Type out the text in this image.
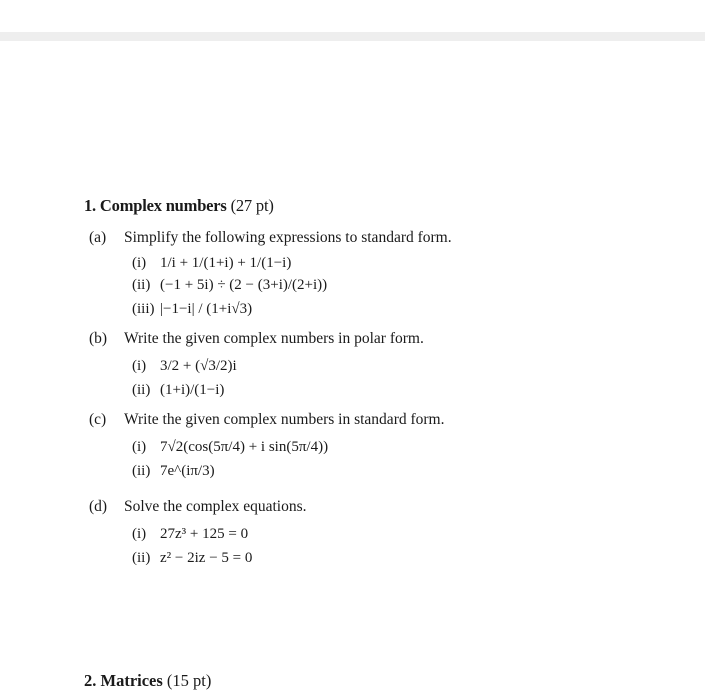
1. Complex numbers (27 pt)
(a) Simplify the following expressions to standard form.
(i) 1/i + 1/(1+i) + 1/(1−i)
(ii) (−1 + 5i) ÷ (2 − (3+i)/(2+i))
(iii) |−1−i| / (1+i√3)
(b) Write the given complex numbers in polar form.
(i) 3/2 + (√3/2)i
(ii) (1+i)/(1−i)
(c) Write the given complex numbers in standard form.
(i) 7√2(cos(5π/4) + i sin(5π/4))
(ii) 7e^(iπ/3)
(d) Solve the complex equations.
(i) 27z³ + 125 = 0
(ii) z² − 2iz − 5 = 0
2. Matrices (15 pt)
